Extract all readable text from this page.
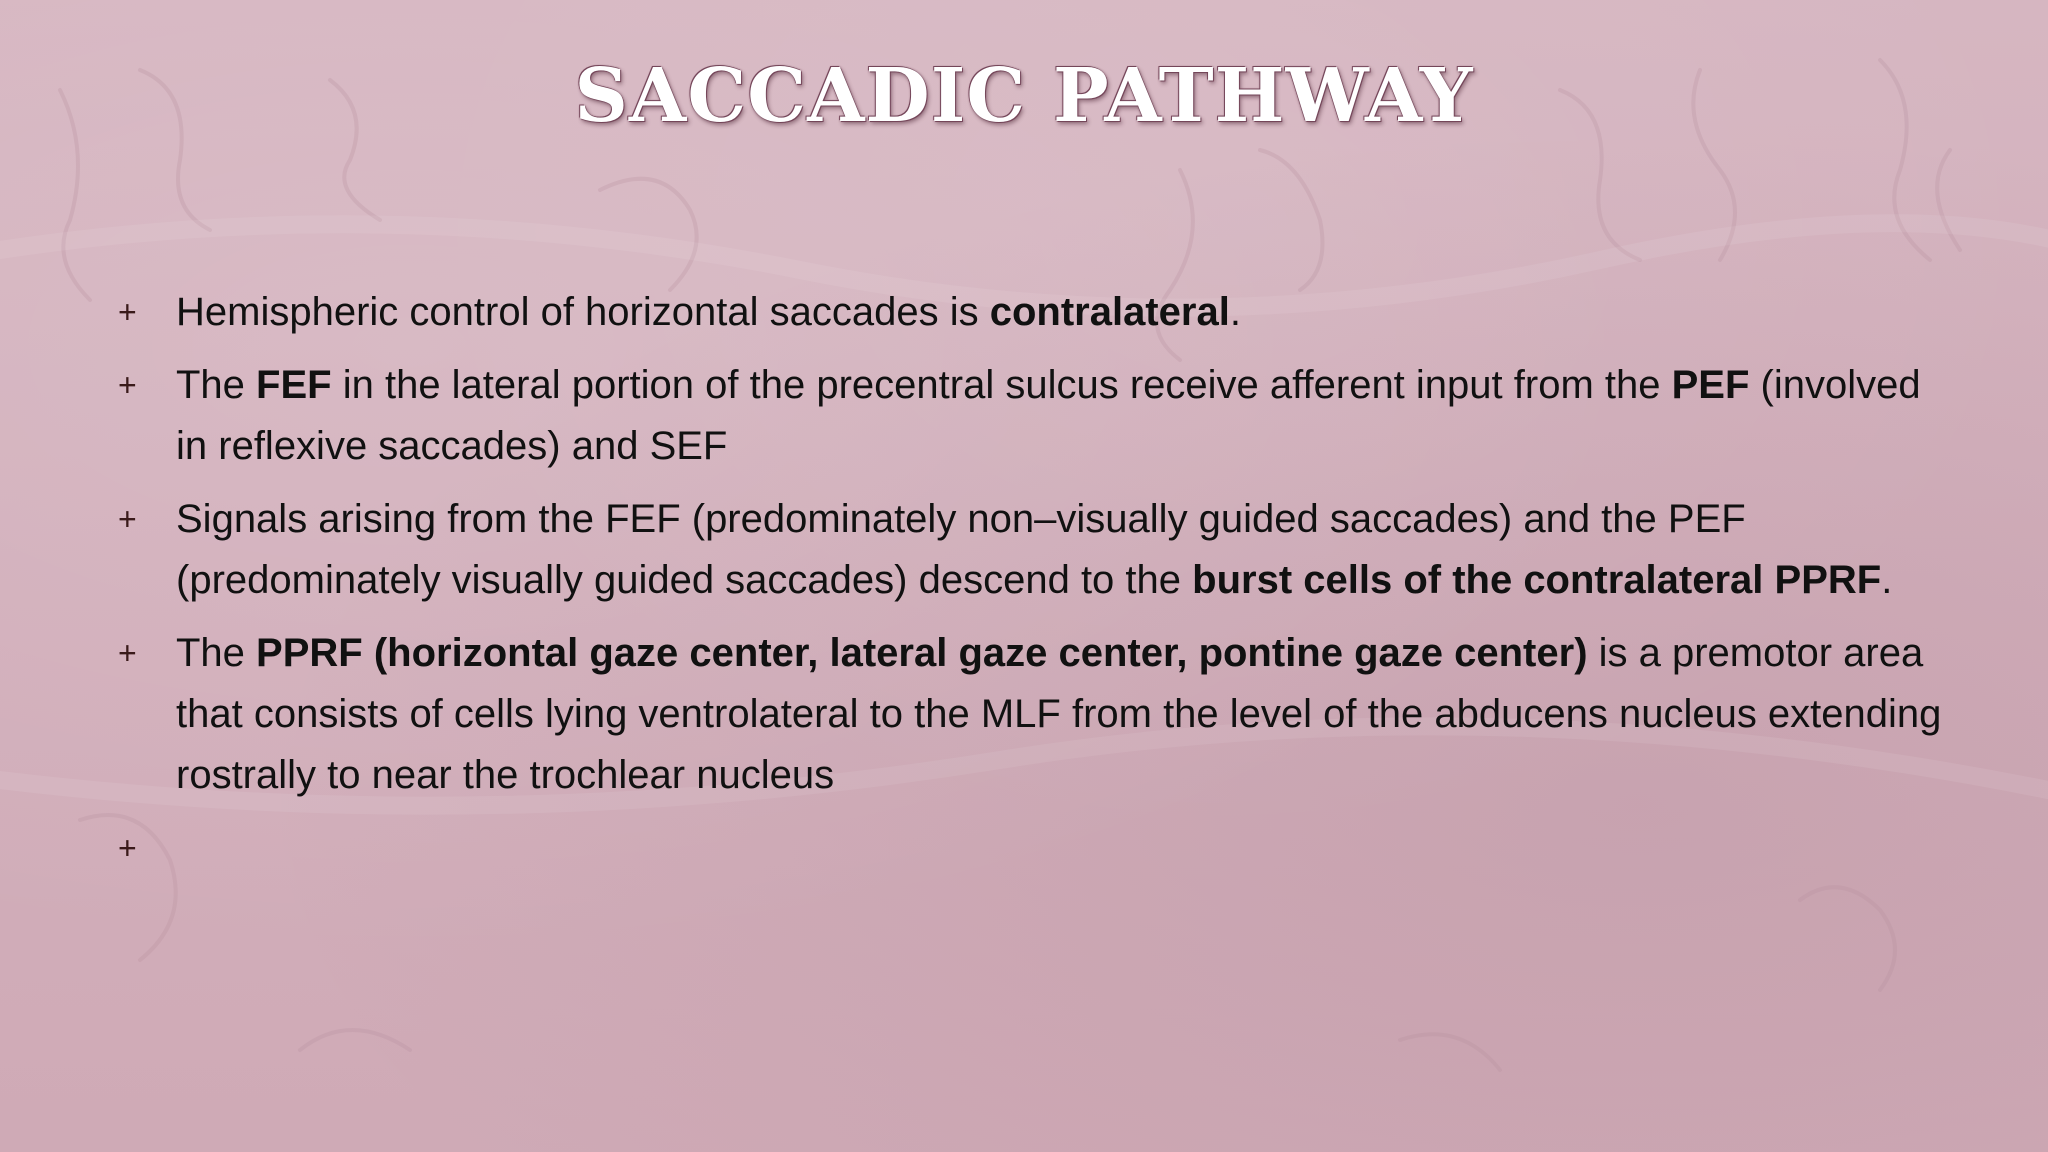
SACCADIC PATHWAY
+ Hemispheric control of horizontal saccades is contralateral.
+ The FEF in the lateral portion of the precentral sulcus receive afferent input from the PEF (involved in reflexive saccades) and SEF
+ Signals arising from the FEF (predominately non–visually guided saccades) and the PEF (predominately visually guided saccades) descend to the burst cells of the contralateral PPRF.
+ The PPRF (horizontal gaze center, lateral gaze center, pontine gaze center) is a premotor area that consists of cells lying ventrolateral to the MLF from the level of the abducens nucleus extending rostrally to near the trochlear nucleus
+
